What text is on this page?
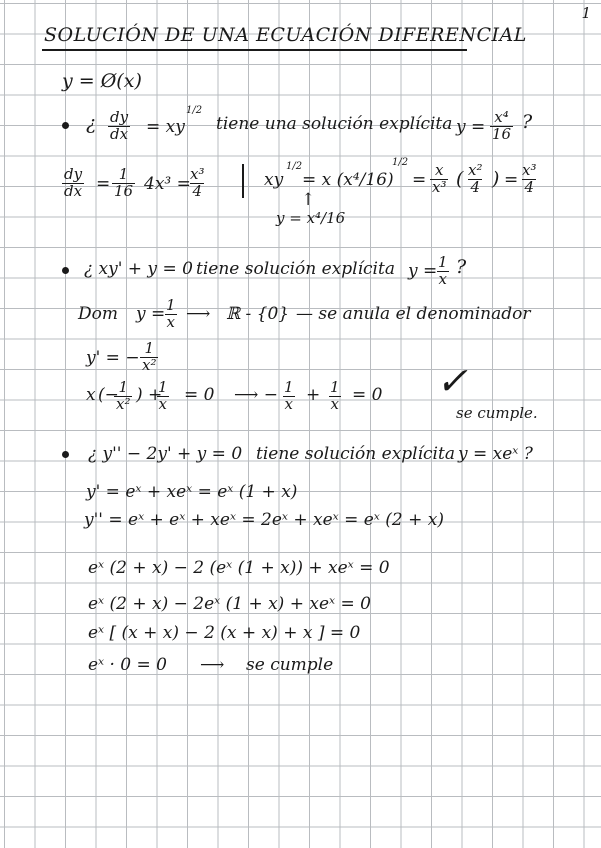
1
SOLUCIÓN DE UNA ECUACIÓN DIFERENCIAL
y = Ø(x)
¿ $\frac{dy}{dx}$ = xy
1/2
tiene una solución explícita $y = \frac{\text{x⁴}}{16}$ ?
$\frac{dy}{dx} = \frac{1}{16} 4x^3$ =
$\frac{\text{x³}}{4}$	xy
1/2
= x (x⁴/16)
1/2
= $\frac{x}{\text{x³}}$ ( $\frac{\text{x²}}{4}$ ) = $\frac{\text{x³}}{4}$
↑
y = x⁴/16
¿ xy' + y = 0 tiene solución explícita y =
$\frac{1}{x}$ ?
Dom y =
$\frac{1}{x}$ ⟶ ℝ - {0} — se anula el denominador
y' = − $\frac{1}{\text{x²}}$
x (−
$\frac{1}{\text{x²}}$ ) +
$\frac{1}{x} = 0$ ⟶ − $\frac{1}{x} + \frac{1}{x} = 0$ ✓
se cumple.
¿ y'' − 2y' + y = 0 tiene solución explícita y = xeˣ ?
y' = eˣ + xeˣ = eˣ (1 + x)
y'' = eˣ + eˣ + xeˣ = 2eˣ + xeˣ = eˣ (2 + x)
eˣ (2 + x) − 2 (eˣ (1 + x)) + xeˣ = 0
eˣ (2 + x) − 2eˣ (1 + x) + xeˣ = 0
eˣ [ (x + x) − 2 (x + x) + x ] = 0
eˣ · 0 = 0 ⟶ se cumple
